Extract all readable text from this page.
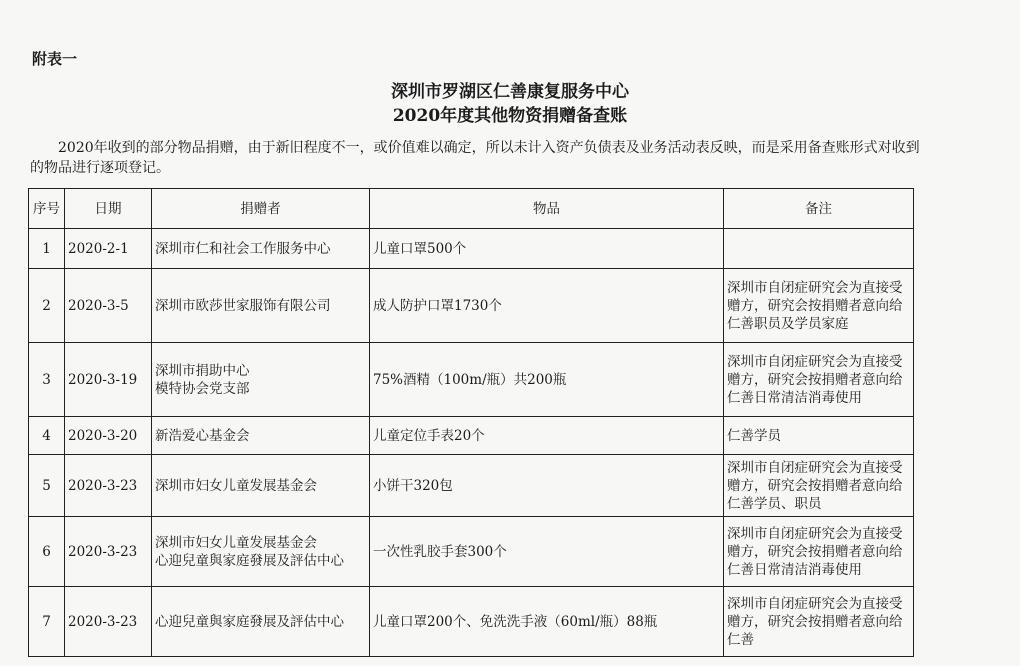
附表一
深圳市罗湖区仁善康复服务中心
2020年度其他物资捐赠备查账
2020年收到的部分物品捐赠，由于新旧程度不一，或价值难以确定，所以未计入资产负债表及业务活动表反映，而是采用备查账形式对收到的物品进行逐项登记。
序号	日期	捐赠者	物品	备注
1	2020-2-1	深圳市仁和社会工作服务中心	儿童口罩500个	
2	2020-3-5	深圳市欧莎世家服饰有限公司	成人防护口罩1730个	深圳市自闭症研究会为直接受赠方，研究会按捐赠者意向给仁善职员及学员家庭
3	2020-3-19	深圳市捐助中心
模特协会党支部	75%酒精（100m/瓶）共200瓶	深圳市自闭症研究会为直接受赠方，研究会按捐赠者意向给仁善日常清洁消毒使用
4	2020-3-20	新浩爱心基金会	儿童定位手表20个	仁善学员
5	2020-3-23	深圳市妇女儿童发展基金会	小饼干320包	深圳市自闭症研究会为直接受赠方，研究会按捐赠者意向给仁善学员、职员
6	2020-3-23	深圳市妇女儿童发展基金会
心迎兒童與家庭發展及評估中心	一次性乳胶手套300个	深圳市自闭症研究会为直接受赠方，研究会按捐赠者意向给仁善日常清洁消毒使用
7	2020-3-23	心迎兒童與家庭發展及評估中心	儿童口罩200个、免洗洗手液（60ml/瓶）88瓶	深圳市自闭症研究会为直接受赠方，研究会按捐赠者意向给仁善
